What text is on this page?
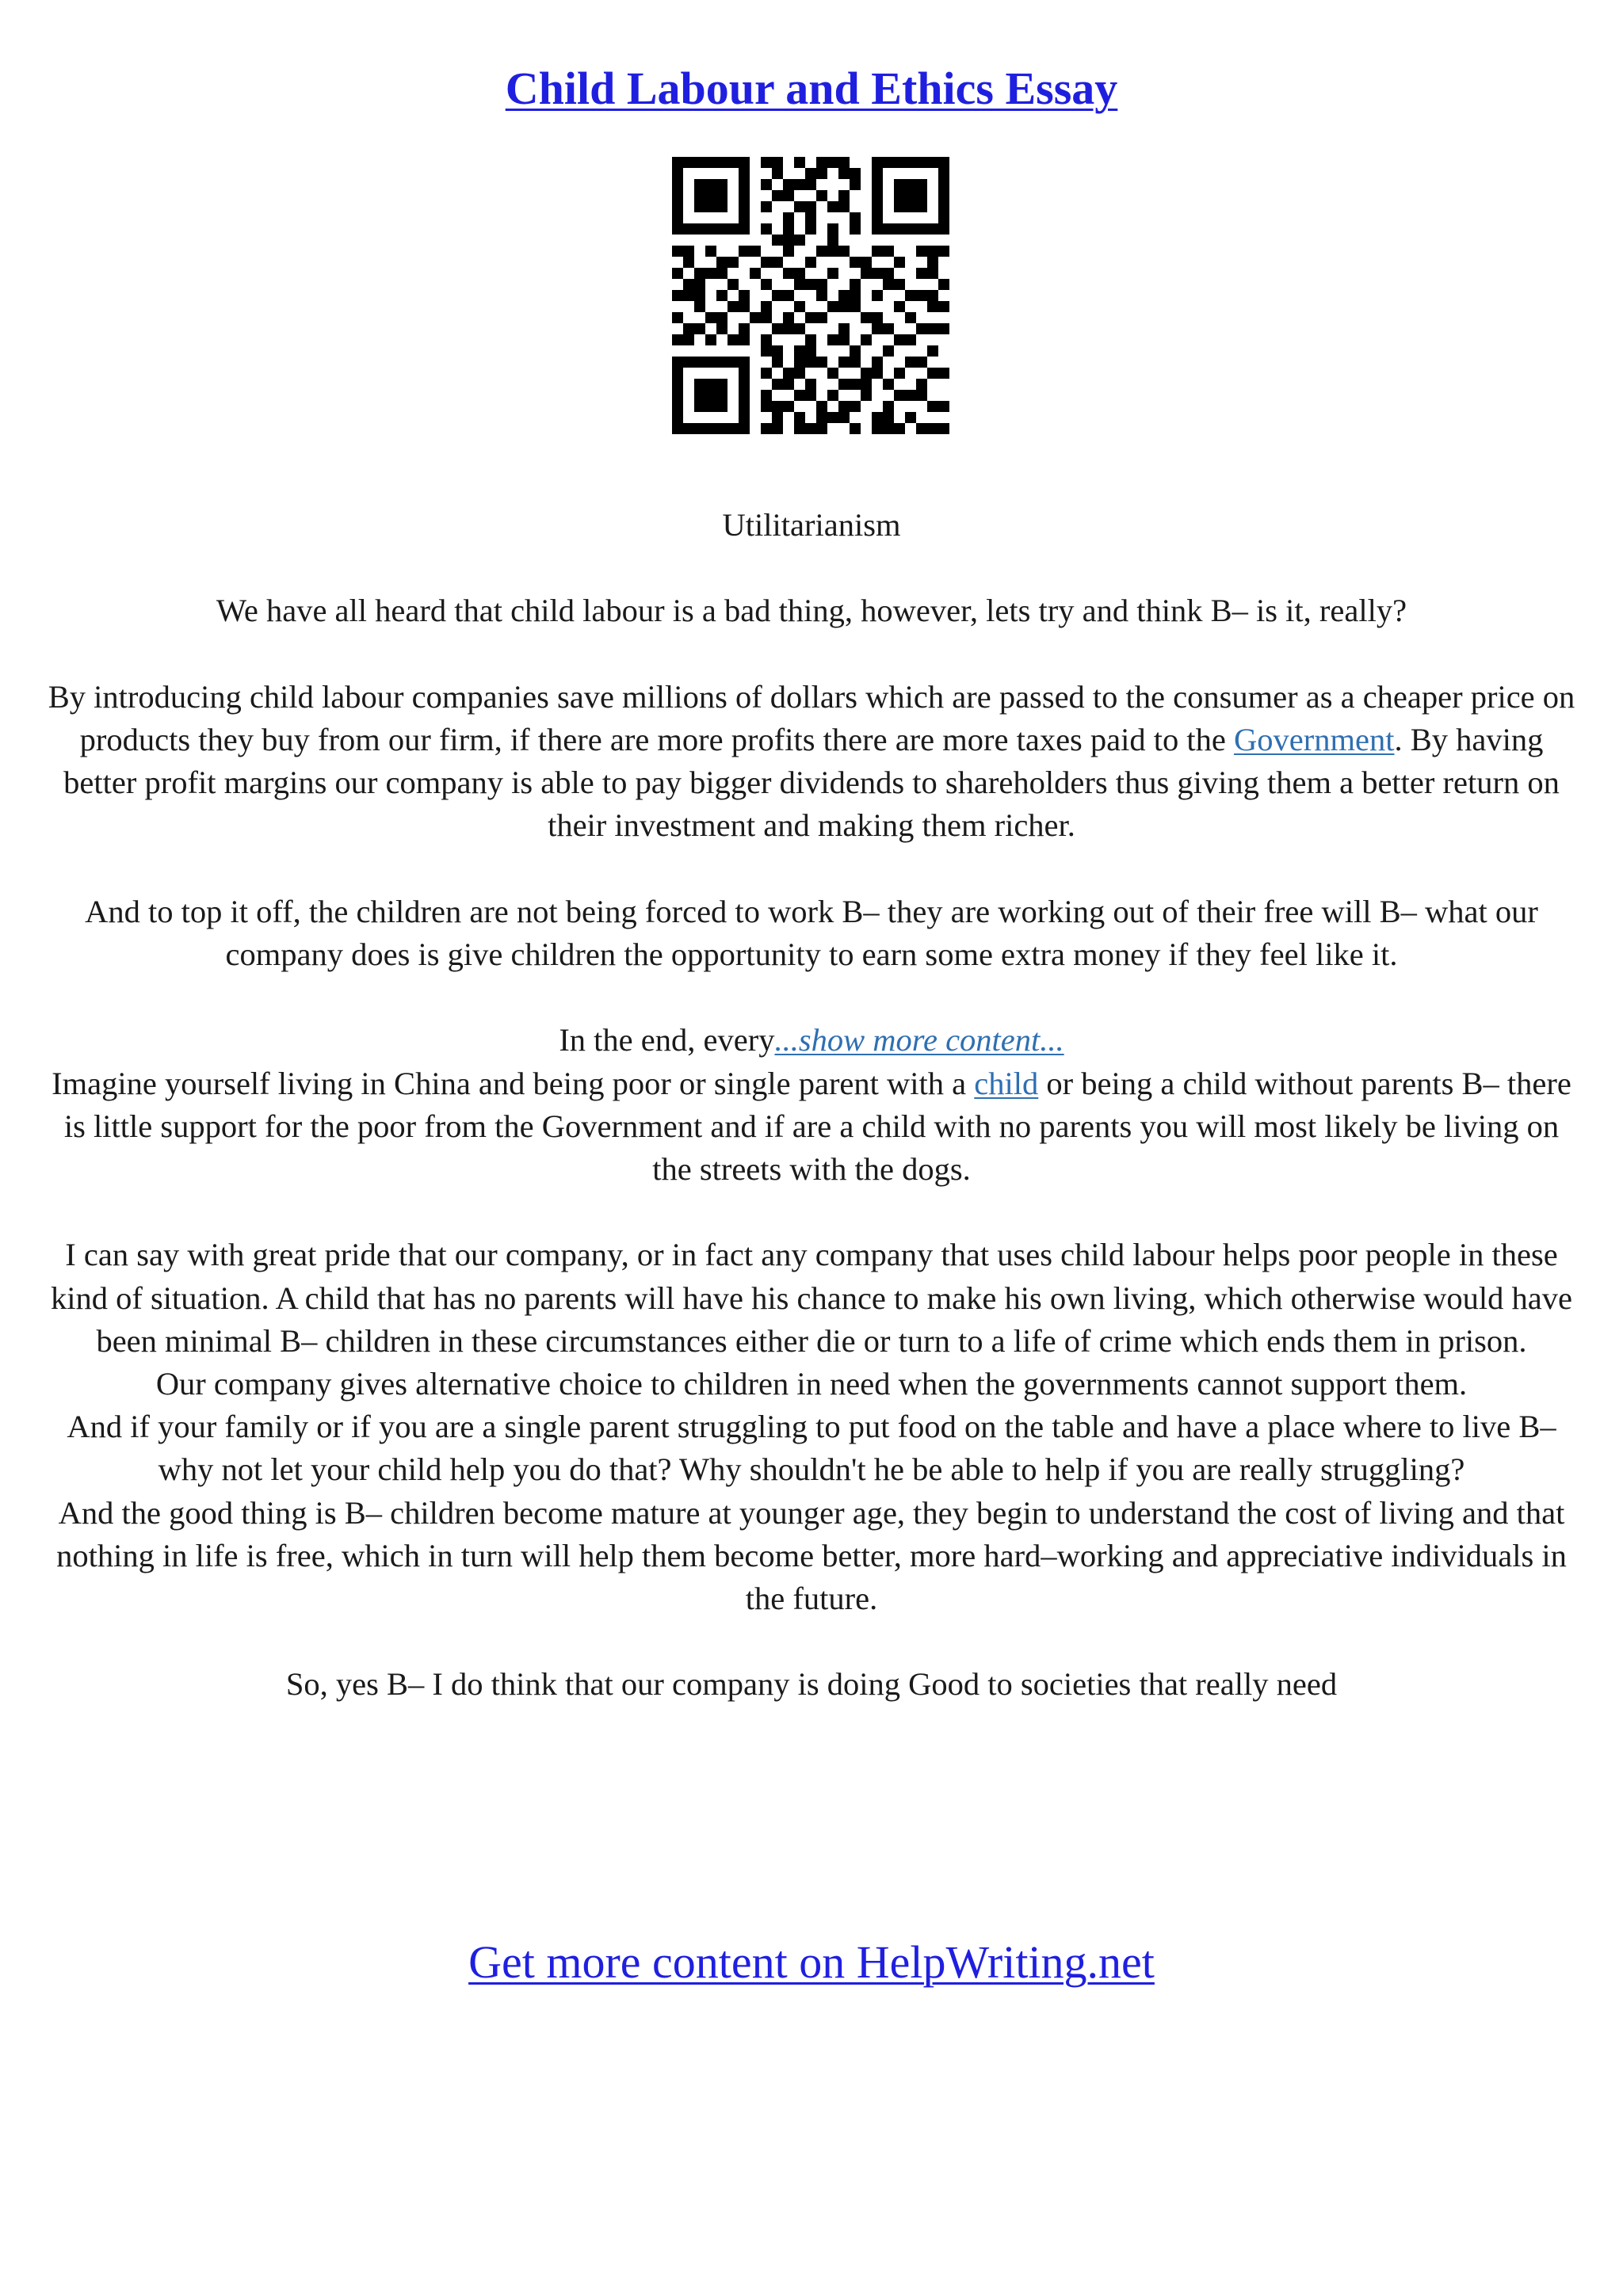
Child Labour and Ethics Essay

Utilitarianism

We have all heard that child labour is a bad thing, however, lets try and think B– is it, really?

By introducing child labour companies save millions of dollars which are passed to the consumer as a cheaper price on products they buy from our firm, if there are more profits there are more taxes paid to the Government. By having better profit margins our company is able to pay bigger dividends to shareholders thus giving them a better return on their investment and making them richer.

And to top it off, the children are not being forced to work B– they are working out of their free will B– what our company does is give children the opportunity to earn some extra money if they feel like it.

In the end, every...show more content...

Imagine yourself living in China and being poor or single parent with a child or being a child without parents B– there is little support for the poor from the Government and if are a child with no parents you will most likely be living on the streets with the dogs.

I can say with great pride that our company, or in fact any company that uses child labour helps poor people in these kind of situation. A child that has no parents will have his chance to make his own living, which otherwise would have been minimal B– children in these circumstances either die or turn to a life of crime which ends them in prison.

Our company gives alternative choice to children in need when the governments cannot support them.

And if your family or if you are a single parent struggling to put food on the table and have a place where to live B– why not let your child help you do that? Why shouldn't he be able to help if you are really struggling?

And the good thing is B– children become mature at younger age, they begin to understand the cost of living and that nothing in life is free, which in turn will help them become better, more hard–working and appreciative individuals in the future.

So, yes B– I do think that our company is doing Good to societies that really need

Get more content on HelpWriting.net
